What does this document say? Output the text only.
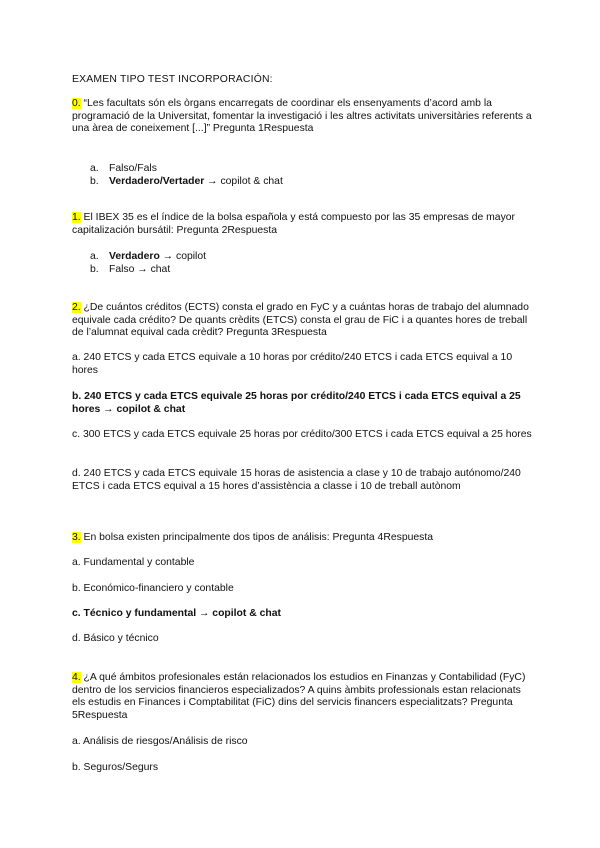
EXAMEN TIPO TEST INCORPORACIÓN:
0. “Les facultats són els òrgans encarregats de coordinar els ensenyaments d’acord amb la programació de la Universitat, fomentar la investigació i les altres activitats universitàries referents a una àrea de coneixement [...]” Pregunta 1Respuesta
a. Falso/Fals
b. Verdadero/Vertader → copilot & chat
1. El IBEX 35 es el índice de la bolsa española y está compuesto por las 35 empresas de mayor capitalización bursátil: Pregunta 2Respuesta
a. Verdadero → copilot
b. Falso → chat
2. ¿De cuántos créditos (ECTS) consta el grado en FyC y a cuántas horas de trabajo del alumnado equivale cada crédito? De quants crèdits (ETCS) consta el grau de FiC i a quantes hores de treball de l’alumnat equival cada crèdit? Pregunta 3Respuesta
a. 240 ETCS y cada ETCS equivale a 10 horas por crédito/240 ETCS i cada ETCS equival a 10 hores
b. 240 ETCS y cada ETCS equivale 25 horas por crédito/240 ETCS i cada ETCS equival a 25 hores → copilot & chat
c. 300 ETCS y cada ETCS equivale 25 horas por crédito/300 ETCS i cada ETCS equival a 25 hores
d. 240 ETCS y cada ETCS equivale 15 horas de asistencia a clase y 10 de trabajo autónomo/240 ETCS i cada ETCS equival a 15 hores d’assistència a classe i 10 de treball autònom
3. En bolsa existen principalmente dos tipos de análisis: Pregunta 4Respuesta
a. Fundamental y contable
b. Económico-financiero y contable
c. Técnico y fundamental → copilot & chat
d. Básico y técnico
4. ¿A qué ámbitos profesionales están relacionados los estudios en Finanzas y Contabilidad (FyC) dentro de los servicios financieros especializados? A quins àmbits professionals estan relacionats els estudis en Finances i Comptabilitat (FiC) dins del servicis financers especialitzats? Pregunta 5Respuesta
a. Análisis de riesgos/Análisis de risco
b. Seguros/Segurs
